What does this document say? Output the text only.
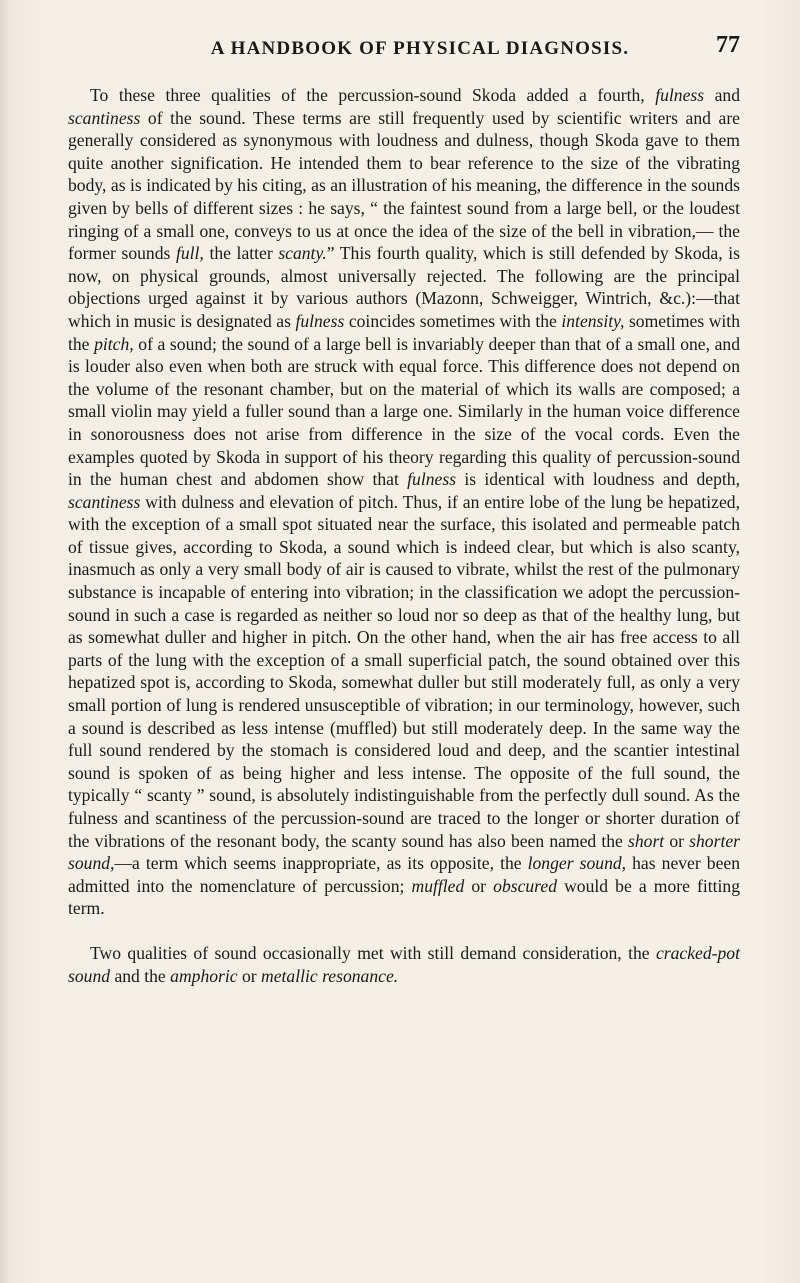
A HANDBOOK OF PHYSICAL DIAGNOSIS.	77

To these three qualities of the percussion-sound Skoda added a fourth, fulness and scantiness of the sound. These terms are still frequently used by scientific writers and are generally considered as synonymous with loudness and dulness, though Skoda gave to them quite another signification. He intended them to bear reference to the size of the vibrating body, as is indicated by his citing, as an illustration of his meaning, the difference in the sounds given by bells of different sizes : he says, “ the faintest sound from a large bell, or the loudest ringing of a small one, conveys to us at once the idea of the size of the bell in vibration,— the former sounds full, the latter scanty.” This fourth quality, which is still defended by Skoda, is now, on physical grounds, almost universally rejected. The following are the principal objections urged against it by various authors (Mazonn, Schweigger, Wintrich, &c.):—that which in music is designated as fulness coincides sometimes with the intensity, sometimes with the pitch, of a sound; the sound of a large bell is invariably deeper than that of a small one, and is louder also even when both are struck with equal force. This difference does not depend on the volume of the resonant chamber, but on the material of which its walls are composed; a small violin may yield a fuller sound than a large one. Similarly in the human voice difference in sonorousness does not arise from difference in the size of the vocal cords. Even the examples quoted by Skoda in support of his theory regarding this quality of percussion-sound in the human chest and abdomen show that fulness is identical with loudness and depth, scantiness with dulness and elevation of pitch. Thus, if an entire lobe of the lung be hepatized, with the exception of a small spot situated near the surface, this isolated and permeable patch of tissue gives, according to Skoda, a sound which is indeed clear, but which is also scanty, inasmuch as only a very small body of air is caused to vibrate, whilst the rest of the pulmonary substance is incapable of entering into vibration; in the classification we adopt the percussion-sound in such a case is regarded as neither so loud nor so deep as that of the healthy lung, but as somewhat duller and higher in pitch. On the other hand, when the air has free access to all parts of the lung with the exception of a small superficial patch, the sound obtained over this hepatized spot is, according to Skoda, somewhat duller but still moderately full, as only a very small portion of lung is rendered unsusceptible of vibration; in our terminology, however, such a sound is described as less intense (muffled) but still moderately deep. In the same way the full sound rendered by the stomach is considered loud and deep, and the scantier intestinal sound is spoken of as being higher and less intense. The opposite of the full sound, the typically “ scanty ” sound, is absolutely indistinguishable from the perfectly dull sound. As the fulness and scantiness of the percussion-sound are traced to the longer or shorter duration of the vibrations of the resonant body, the scanty sound has also been named the short or shorter sound,—a term which seems inappropriate, as its opposite, the longer sound, has never been admitted into the nomenclature of percussion; muffled or obscured would be a more fitting term.

Two qualities of sound occasionally met with still demand consideration, the cracked-pot sound and the amphoric or metallic resonance.
